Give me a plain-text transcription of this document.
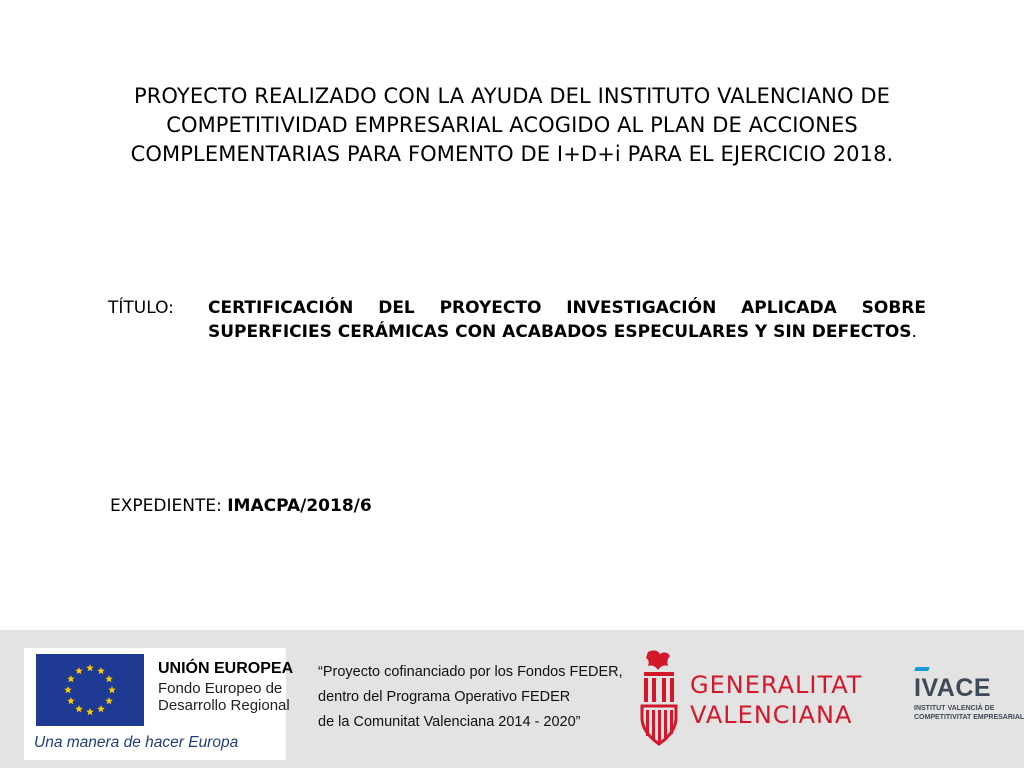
PROYECTO REALIZADO CON LA AYUDA DEL INSTITUTO VALENCIANO DE
COMPETITIVIDAD EMPRESARIAL ACOGIDO AL PLAN DE ACCIONES
COMPLEMENTARIAS PARA FOMENTO DE I+D+i PARA EL EJERCICIO 2018.
TÍTULO: CERTIFICACIÓN DEL PROYECTO INVESTIGACIÓN APLICADA SOBRE
SUPERFICIES CERÁMICAS CON ACABADOS ESPECULARES Y SIN DEFECTOS.
EXPEDIENTE: IMACPA/2018/6
UNIÓN EUROPEA
Fondo Europeo de
Desarrollo Regional
Una manera de hacer Europa
“Proyecto cofinanciado por los Fondos FEDER,
dentro del Programa Operativo FEDER
de la Comunitat Valenciana 2014 - 2020”
GENERALITAT
VALENCIANA
IVACE
INSTITUT VALENCIÀ DE
COMPETITIVITAT EMPRESARIAL
